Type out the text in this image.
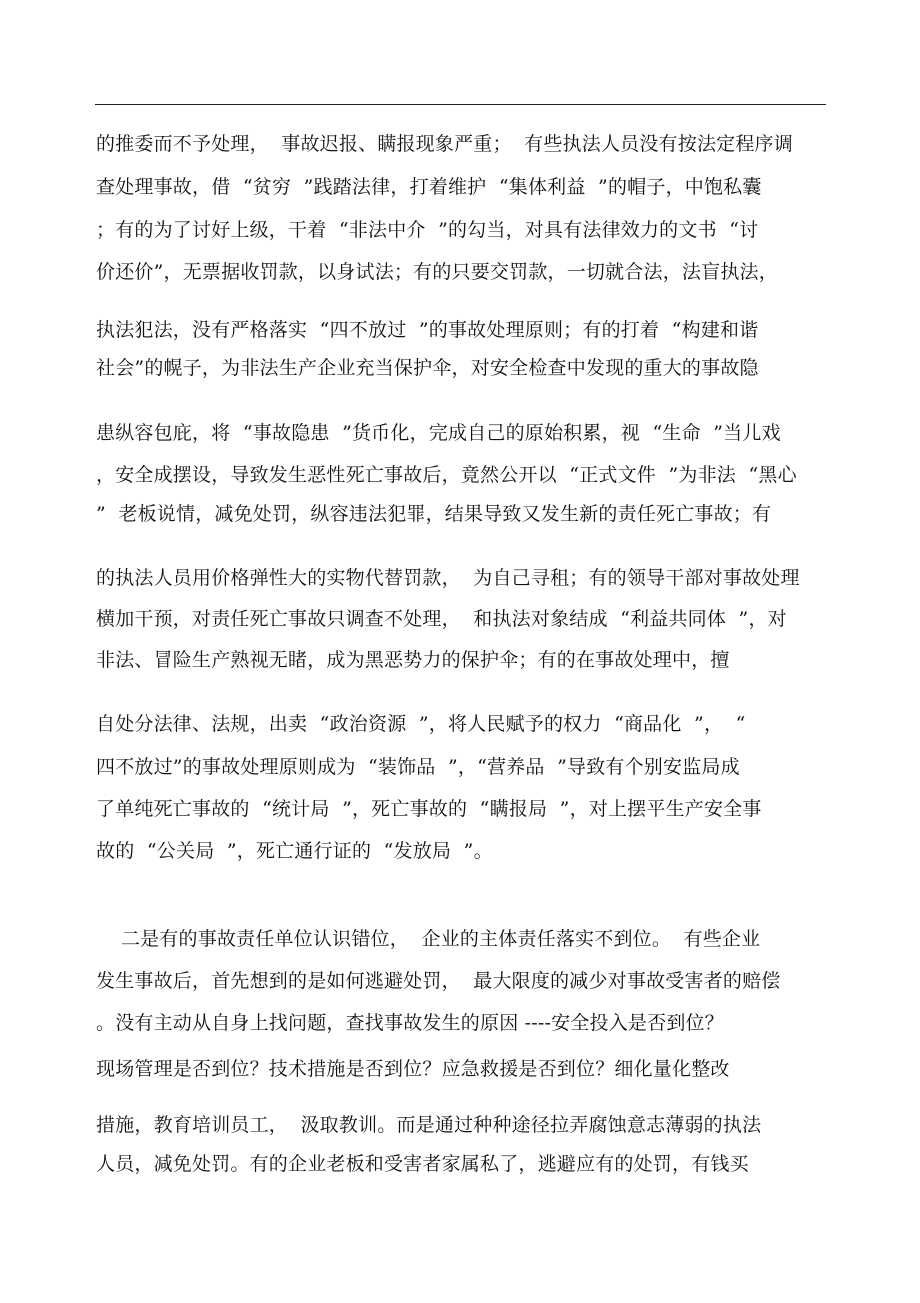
的推委而不予处理，  事故迟报、瞒报现象严重；  有些执法人员没有按法定程序调
查处理事故，借  “贫穷  ”践踏法律，打着维护  “集体利益  ”的帽子，中饱私囊
；有的为了讨好上级，干着  “非法中介  ”的勾当，对具有法律效力的文书  “讨
价还价”，无票据收罚款，以身试法；有的只要交罚款，一切就合法，法盲执法，
执法犯法，没有严格落实  “四不放过  ”的事故处理原则；有的打着  “构建和谐
社会”的幌子，为非法生产企业充当保护伞，对安全检查中发现的重大的事故隐
患纵容包庇，将  “事故隐患  ”货币化，完成自己的原始积累，视  “生命  ”当儿戏
，安全成摆设，导致发生恶性死亡事故后，竟然公开以  “正式文件  ”为非法  “黑心
”  老板说情，减免处罚，纵容违法犯罪，结果导致又发生新的责任死亡事故；有
的执法人员用价格弹性大的实物代替罚款，  为自己寻租；有的领导干部对事故处理
横加干预，对责任死亡事故只调查不处理，  和执法对象结成  “利益共同体  ”，对
非法、冒险生产熟视无睹，成为黑恶势力的保护伞；有的在事故处理中，擅
自处分法律、法规，出卖  “政治资源  ”，将人民赋予的权力  “商品化  ”，  “
四不放过”的事故处理原则成为  “装饰品  ”，“营养品  ”导致有个别安监局成
了单纯死亡事故的  “统计局  ”，死亡事故的  “瞒报局  ”，对上摆平生产安全事
故的  “公关局  ”，死亡通行证的  “发放局  ”。
二是有的事故责任单位认识错位，  企业的主体责任落实不到位。  有些企业
发生事故后，首先想到的是如何逃避处罚，  最大限度的减少对事故受害者的赔偿
。没有主动从自身上找问题，查找事故发生的原因 ----安全投入是否到位？
现场管理是否到位？技术措施是否到位？应急救援是否到位？细化量化整改
措施，教育培训员工，  汲取教训。而是通过种种途径拉弄腐蚀意志薄弱的执法
人员，减免处罚。有的企业老板和受害者家属私了，逃避应有的处罚，有钱买
